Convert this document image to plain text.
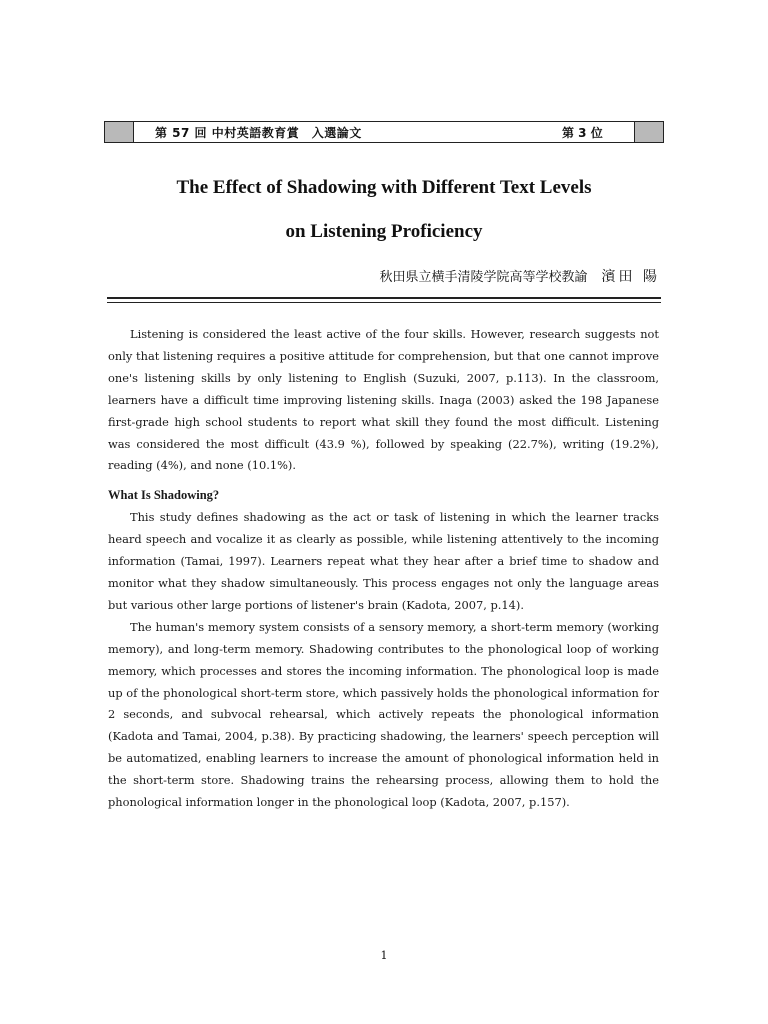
第 57 回 中村英語教育賞　入選論文	第 3 位
The Effect of Shadowing with Different Text Levels
on Listening Proficiency
秋田県立横手清陵学院高等学校教諭 濱田 陽

Listening is considered the least active of the four skills. However, research suggests not only that listening requires a positive attitude for comprehension, but that one cannot improve one's listening skills by only listening to English (Suzuki, 2007, p.113). In the classroom, learners have a difficult time improving listening skills. Inaga (2003) asked the 198 Japanese first-grade high school students to report what skill they found the most difficult. Listening was considered the most difficult (43.9 %), followed by speaking (22.7%), writing (19.2%), reading (4%), and none (10.1%).

What Is Shadowing?

This study defines shadowing as the act or task of listening in which the learner tracks heard speech and vocalize it as clearly as possible, while listening attentively to the incoming information (Tamai, 1997). Learners repeat what they hear after a brief time to shadow and monitor what they shadow simultaneously. This process engages not only the language areas but various other large portions of listener's brain (Kadota, 2007, p.14).

The human's memory system consists of a sensory memory, a short-term memory (working memory), and long-term memory. Shadowing contributes to the phonological loop of working memory, which processes and stores the incoming information. The phonological loop is made up of the phonological short-term store, which passively holds the phonological information for 2 seconds, and subvocal rehearsal, which actively repeats the phonological information (Kadota and Tamai, 2004, p.38). By practicing shadowing, the learners' speech perception will be automatized, enabling learners to increase the amount of phonological information held in the short-term store. Shadowing trains the rehearsing process, allowing them to hold the phonological information longer in the phonological loop (Kadota, 2007, p.157).

1
